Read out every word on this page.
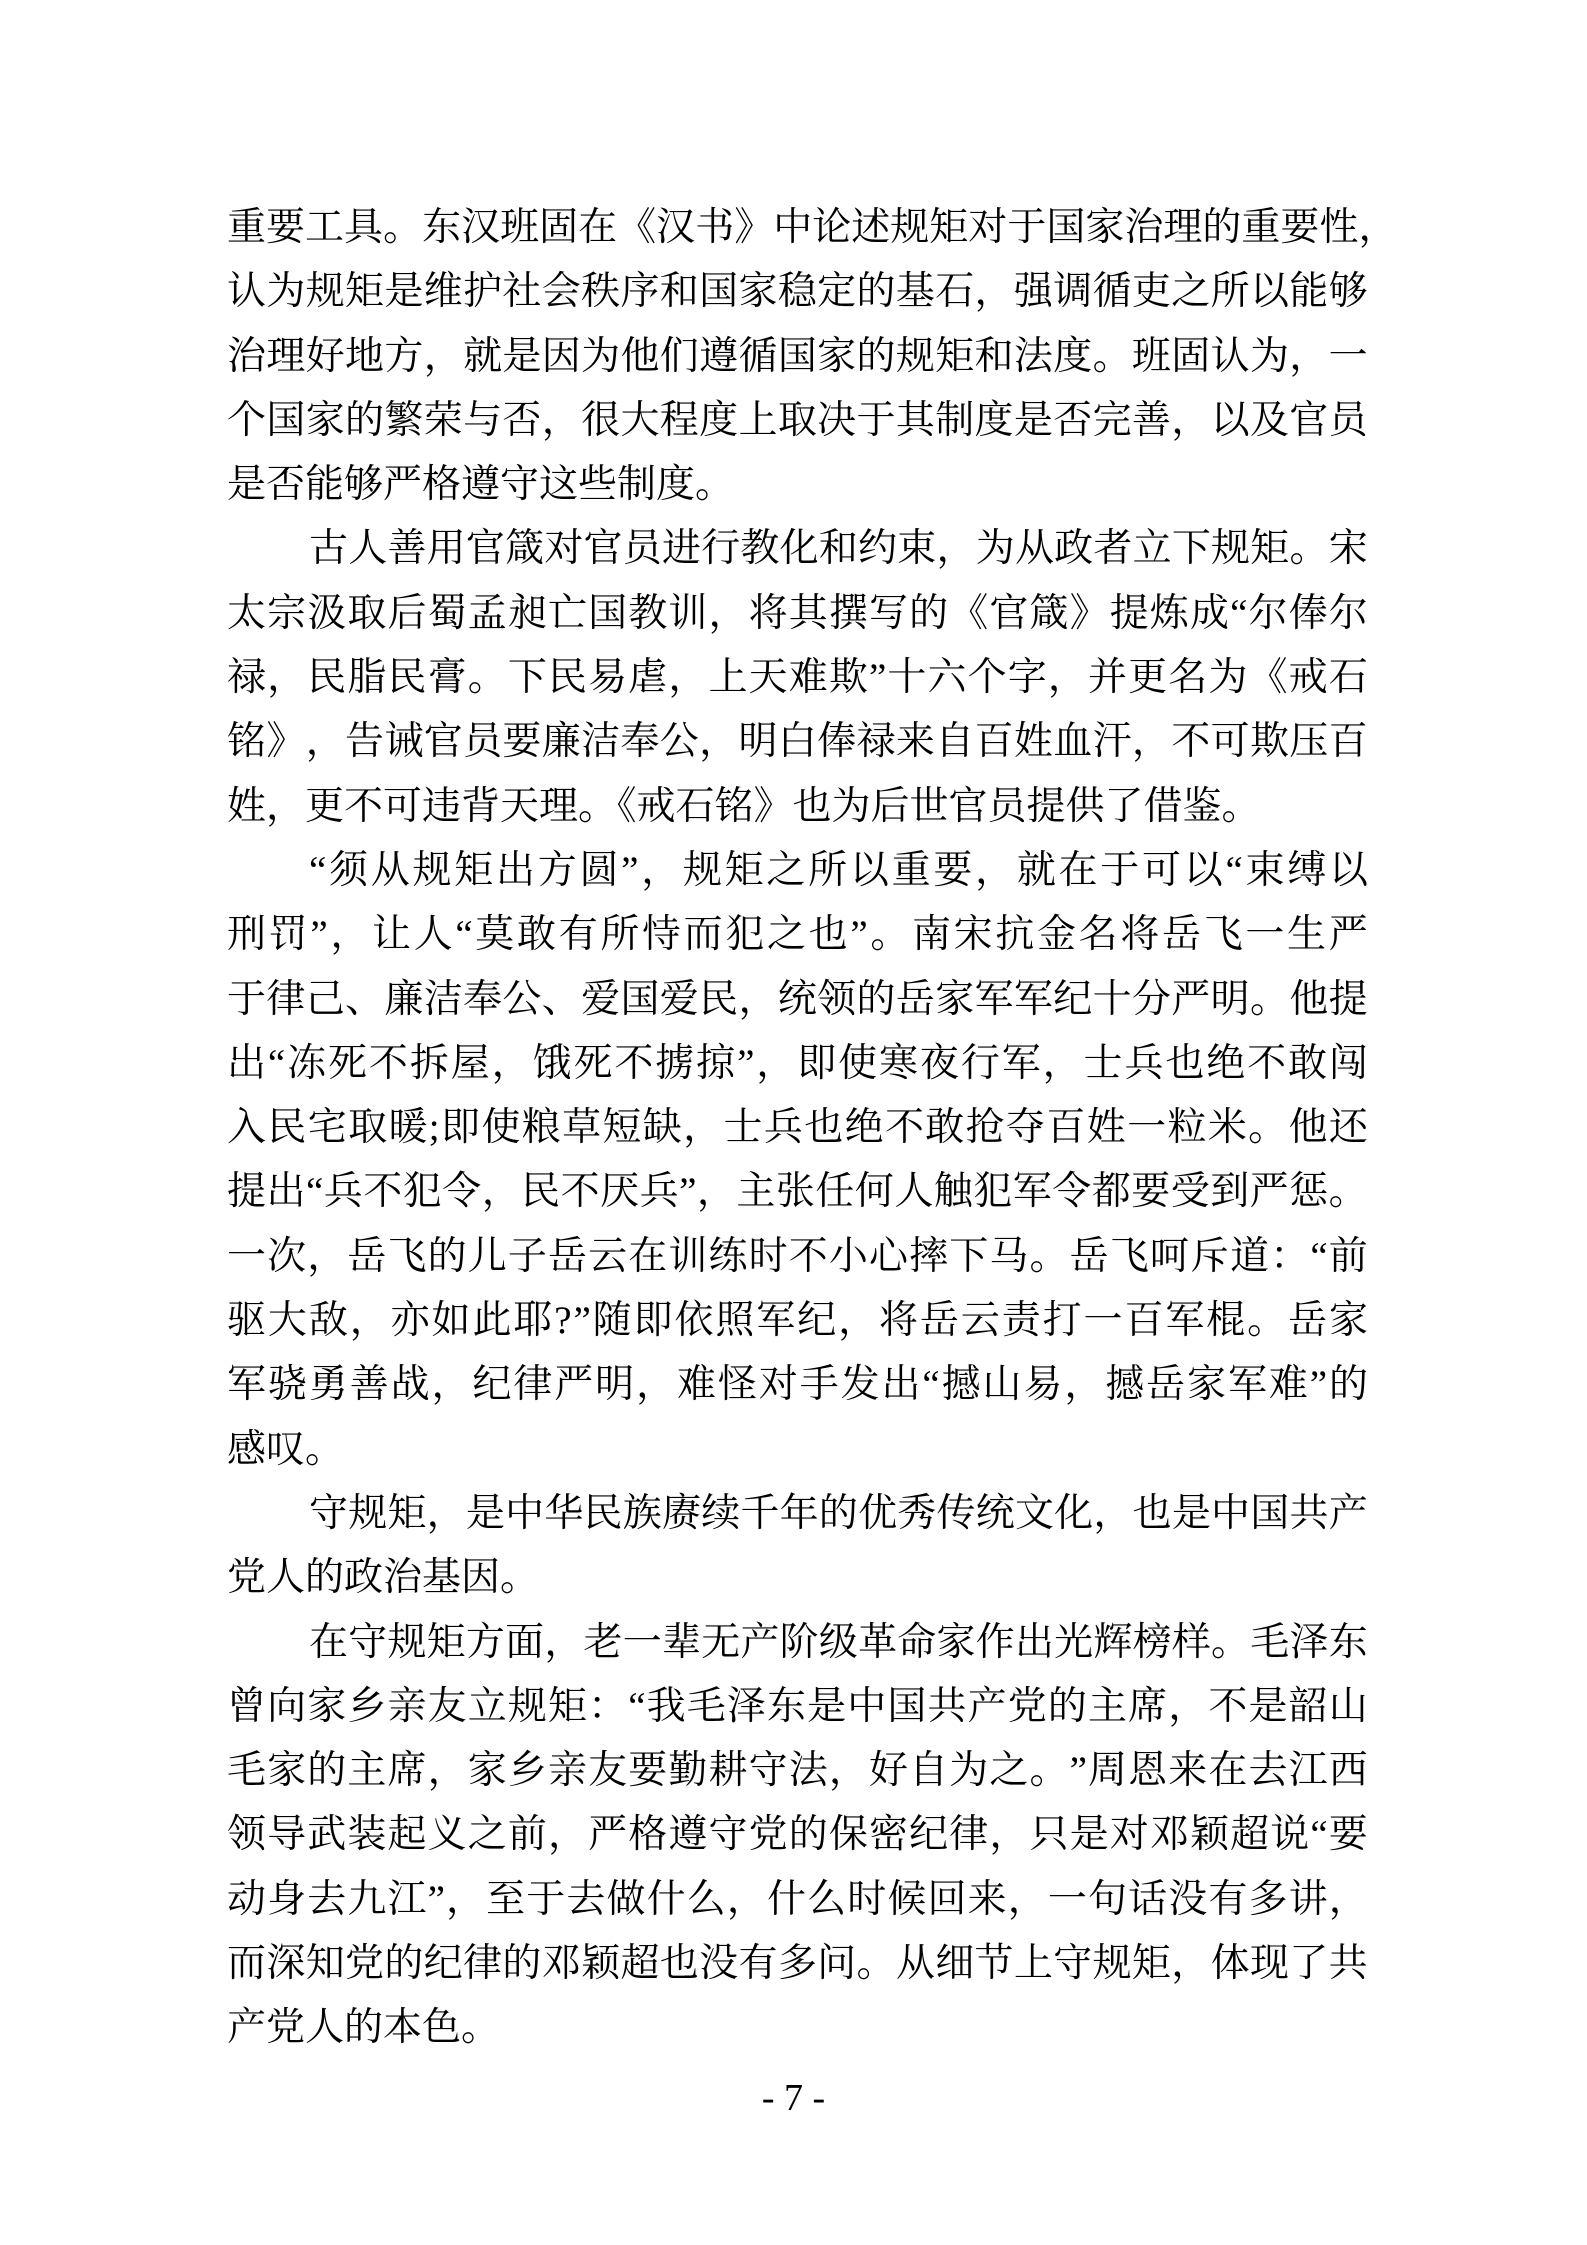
重 要 工 具 。 东 汉 班 固 在 《 汉 书 》 中 论 述 规 矩 对 于 国 家 治 理 的 重 要 性 ，
认 为 规 矩 是 维 护 社 会 秩 序 和 国 家 稳 定 的 基 石 ， 强 调 循 吏 之 所 以 能 够
治 理 好 地 方 ， 就 是 因 为 他 们 遵 循 国 家 的 规 矩 和 法 度 。 班 固 认 为 ， 一
个 国 家 的 繁 荣 与 否 ， 很 大 程 度 上 取 决 于 其 制 度 是 否 完 善 ， 以 及 官 员
是否能够严格遵守这些制度。
古 人 善 用 官 箴 对 官 员 进 行 教 化 和 约 束 ， 为 从 政 者 立 下 规 矩 。 宋
太 宗 汲 取 后 蜀 孟 昶 亡 国 教 训 ， 将 其 撰 写 的 《 官 箴 》 提 炼 成 “ 尔 俸 尔
禄 ， 民 脂 民 膏 。 下 民 易 虐 ， 上 天 难 欺 ” 十 六 个 字 ， 并 更 名 为 《 戒 石
铭 》 ， 告 诫 官 员 要 廉 洁 奉 公 ， 明 白 俸 禄 来 自 百 姓 血 汗 ， 不 可 欺 压 百
姓，更不可违背天理。《戒石铭》也为后世官员提供了借鉴。
“ 须 从 规 矩 出 方 圆 ” ， 规 矩 之 所 以 重 要 ， 就 在 于 可 以 “ 束 缚 以
刑 罚 ” ， 让 人 “ 莫 敢 有 所 恃 而 犯 之 也 ” 。 南 宋 抗 金 名 将 岳 飞 一 生 严
于 律 己 、 廉 洁 奉 公 、 爱 国 爱 民 ， 统 领 的 岳 家 军 军 纪 十 分 严 明 。 他 提
出 “ 冻 死 不 拆 屋 ， 饿 死 不 掳 掠 ” ， 即 使 寒 夜 行 军 ， 士 兵 也 绝 不 敢 闯
入 民 宅 取 暖 ; 即 使 粮 草 短 缺 ， 士 兵 也 绝 不 敢 抢 夺 百 姓 一 粒 米 。 他 还
提 出 “ 兵 不 犯 令 ， 民 不 厌 兵 ” ， 主 张 任 何 人 触 犯 军 令 都 要 受 到 严 惩 。
一 次 ， 岳 飞 的 儿 子 岳 云 在 训 练 时 不 小 心 摔 下 马 。 岳 飞 呵 斥 道 ： “ 前
驱 大 敌 ， 亦 如 此 耶 ? ” 随 即 依 照 军 纪 ， 将 岳 云 责 打 一 百 军 棍 。 岳 家
军 骁 勇 善 战 ， 纪 律 严 明 ， 难 怪 对 手 发 出 “ 撼 山 易 ， 撼 岳 家 军 难 ” 的
感叹。
守 规 矩 ， 是 中 华 民 族 赓 续 千 年 的 优 秀 传 统 文 化 ， 也 是 中 国 共 产
党人的政治基因。
在 守 规 矩 方 面 ， 老 一 辈 无 产 阶 级 革 命 家 作 出 光 辉 榜 样 。 毛 泽 东
曾 向 家 乡 亲 友 立 规 矩 ： “ 我 毛 泽 东 是 中 国 共 产 党 的 主 席 ， 不 是 韶 山
毛 家 的 主 席 ， 家 乡 亲 友 要 勤 耕 守 法 ， 好 自 为 之 。 ” 周 恩 来 在 去 江 西
领 导 武 装 起 义 之 前 ， 严 格 遵 守 党 的 保 密 纪 律 ， 只 是 对 邓 颖 超 说 “ 要
动 身 去 九 江 ” ， 至 于 去 做 什 么 ， 什 么 时 候 回 来 ， 一 句 话 没 有 多 讲 ，
而 深 知 党 的 纪 律 的 邓 颖 超 也 没 有 多 问 。 从 细 节 上 守 规 矩 ， 体 现 了 共
产党人的本色。
- 7 -
